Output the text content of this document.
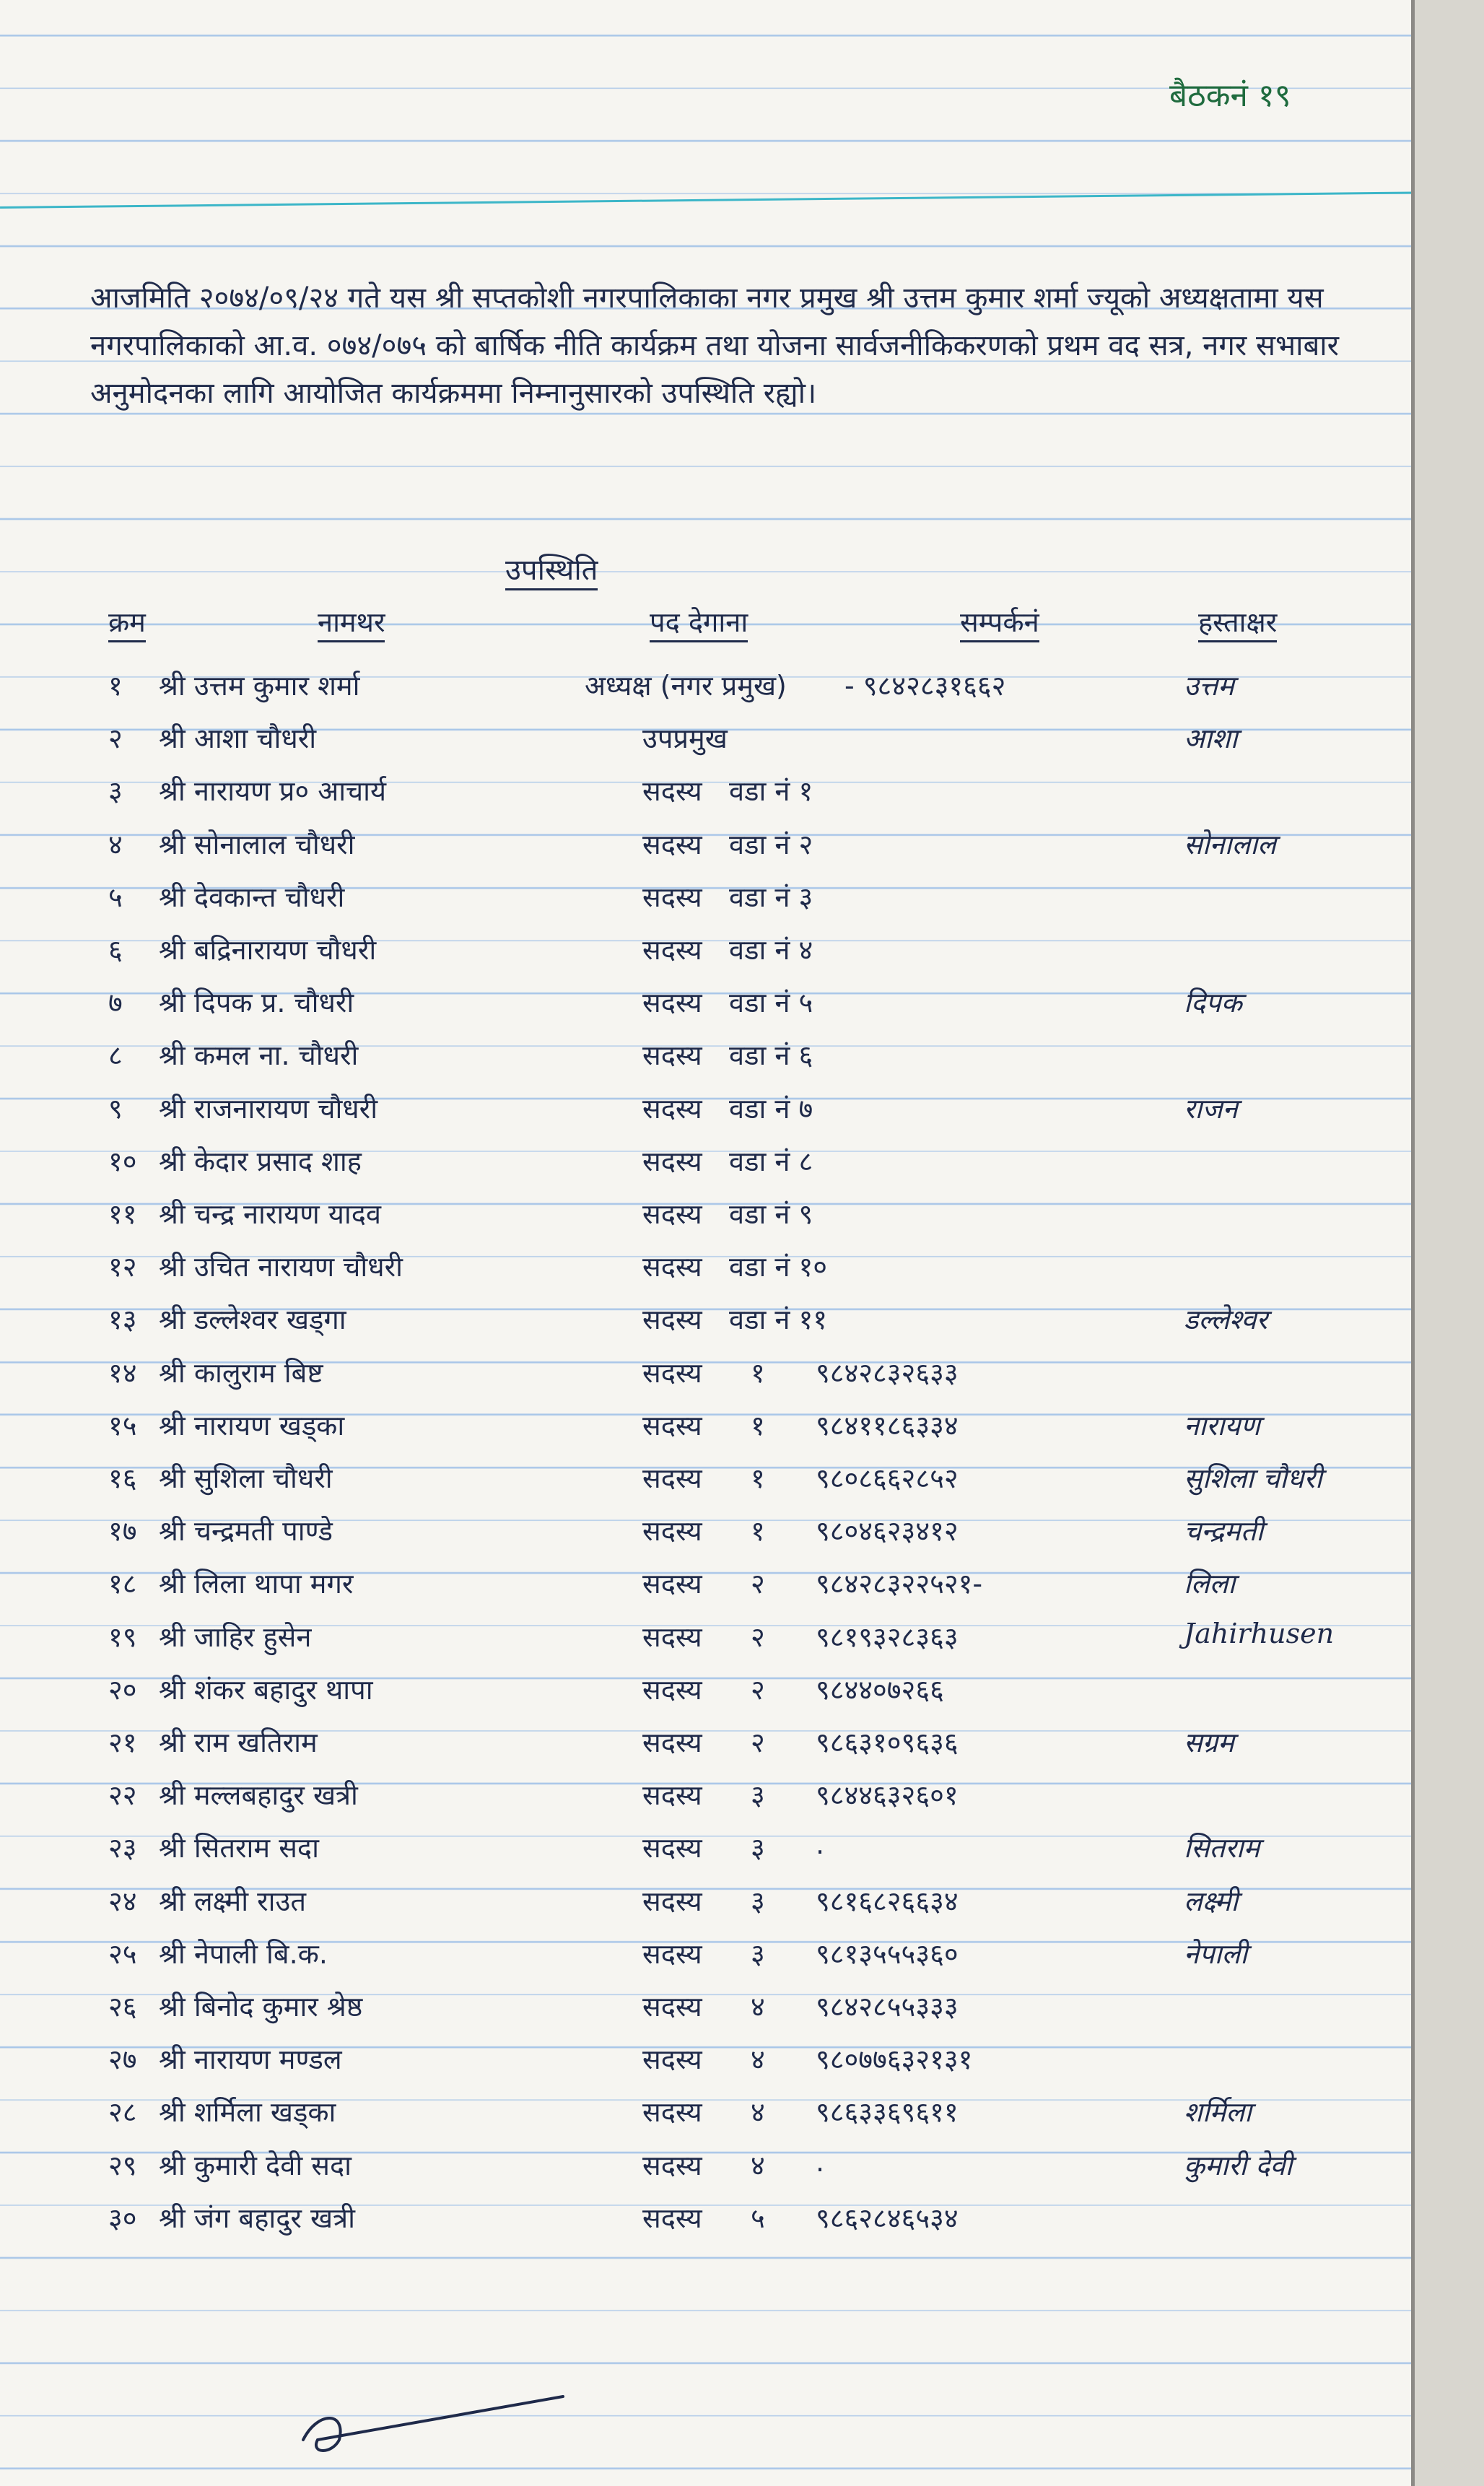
बैठकनं १९
आजमिति २०७४/०९/२४ गते यस श्री सप्तकोशी नगरपालिकाका नगर प्रमुख श्री उत्तम कुमार शर्मा ज्यूको अध्यक्षतामा यस नगरपालिकाको आ.व. ०७४/०७५ को बार्षिक नीति कार्यक्रम तथा योजना सार्वजनीकिकरणको प्रथम वद सत्र, नगर सभाबार अनुमोदनका लागि आयोजित कार्यक्रममा निम्नानुसारको उपस्थिति रह्यो।
उपस्थिति
क्रम	नामथर	पद देगाना	सम्पर्कनं	हस्ताक्षर
१ श्री उत्तम कुमार शर्मा	अध्यक्ष (नगर प्रमुख) - ९८४२८३१६६२	उत्तम
२ श्री आशा चौधरी	उपप्रमुख	आशा
३ श्री नारायण प्र० आचार्य	सदस्य वडा नं १
४ श्री सोनालाल चौधरी	सदस्य वडा नं २	सोनालाल
५ श्री देवकान्त चौधरी	सदस्य वडा नं ३
६ श्री बद्रिनारायण चौधरी	सदस्य वडा नं ४
७ श्री दिपक प्र. चौधरी	सदस्य वडा नं ५	दिपक
८ श्री कमल ना. चौधरी	सदस्य वडा नं ६
९ श्री राजनारायण चौधरी	सदस्य वडा नं ७	राजन
१० श्री केदार प्रसाद शाह	सदस्य वडा नं ८
११ श्री चन्द्र नारायण यादव	सदस्य वडा नं ९
१२ श्री उचित नारायण चौधरी	सदस्य वडा नं १०
१३ श्री डल्लेश्वर खड्गा	सदस्य वडा नं ११	डल्लेश्वर
१४ श्री कालुराम बिष्ट	सदस्य १ ९८४२८३२६३३
१५ श्री नारायण खड्का	सदस्य १ ९८४११८६३३४	नारायण
१६ श्री सुशिला चौधरी	सदस्य १ ९८०८६६२८५२	सुशिला चौधरी
१७ श्री चन्द्रमती पाण्डे	सदस्य १ ९८०४६२३४१२	चन्द्रमती
१८ श्री लिला थापा मगर	सदस्य २ ९८४२८३२२५२१-	लिला
१९ श्री जाहिर हुसेन	सदस्य २ ९८१९३२८३६३	Jahirhusen
२० श्री शंकर बहादुर थापा	सदस्य २ ९८४४०७२६६
२१ श्री राम खतिराम	सदस्य २ ९८६३१०९६३६	सग्रम
२२ श्री मल्लबहादुर खत्री	सदस्य ३ ९८४४६३२६०१
२३ श्री सितराम सदा	सदस्य ३ .	सितराम
२४ श्री लक्ष्मी राउत	सदस्य ३ ९८१६८२६६३४	लक्ष्मी
२५ श्री नेपाली बि.क.	सदस्य ३ ९८१३५५५३६०	नेपाली
२६ श्री बिनोद कुमार श्रेष्ठ	सदस्य ४ ९८४२८५५३३३
२७ श्री नारायण मण्डल	सदस्य ४ ९८०७७६३२१३१
२८ श्री शर्मिला खड्का	सदस्य ४ ९८६३३६९६११	शर्मिला
२९ श्री कुमारी देवी सदा	सदस्य ४ .	कुमारी देवी
३० श्री जंग बहादुर खत्री	सदस्य ५ ९८६२८४६५३४
